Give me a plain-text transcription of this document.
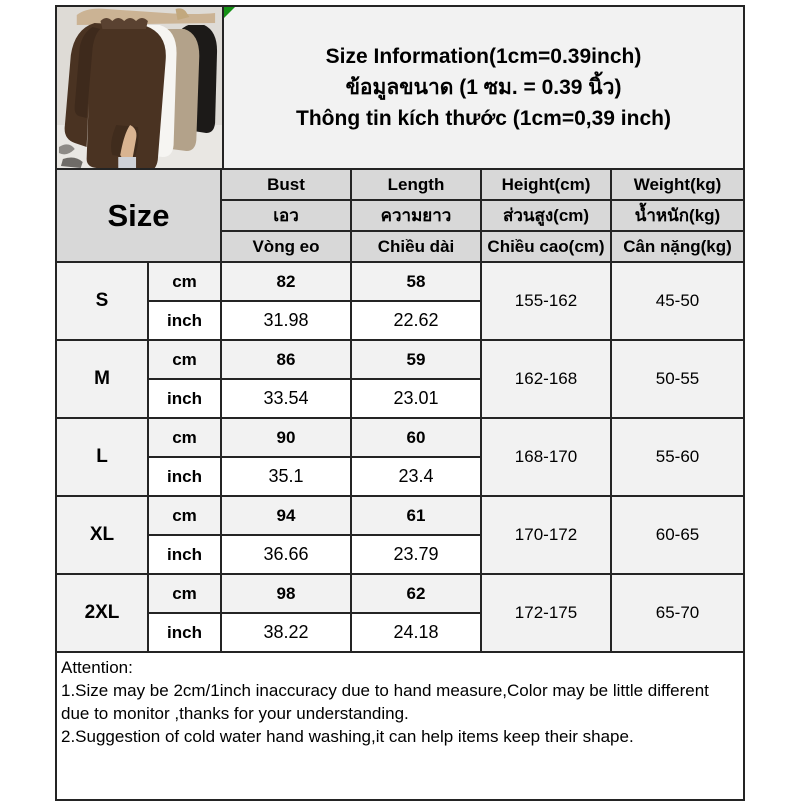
Size Information(1cm=0.39inch)
ข้อมูลขนาด (1 ซม. = 0.39 นิ้ว)
Thông tin kích thước (1cm=0,39 inch)
Size		Bust	Length	Height(cm)	Weight(kg)
		เอว	ความยาว	ส่วนสูง(cm)	น้ำหนัก(kg)
		Vòng eo	Chiều dài	Chiều cao(cm)	Cân nặng(kg)
S	cm	82	58	155-162	45-50
	inch	31.98	22.62		
M	cm	86	59	162-168	50-55
	inch	33.54	23.01		
L	cm	90	60	168-170	55-60
	inch	35.1	23.4		
XL	cm	94	61	170-172	60-65
	inch	36.66	23.79		
2XL	cm	98	62	172-175	65-70
	inch	38.22	24.18		
Attention:
1.Size may be 2cm/1inch inaccuracy due to hand measure,Color may be little different due to monitor ,thanks for your understanding.
2.Suggestion of cold water hand washing,it can help items keep their shape.
